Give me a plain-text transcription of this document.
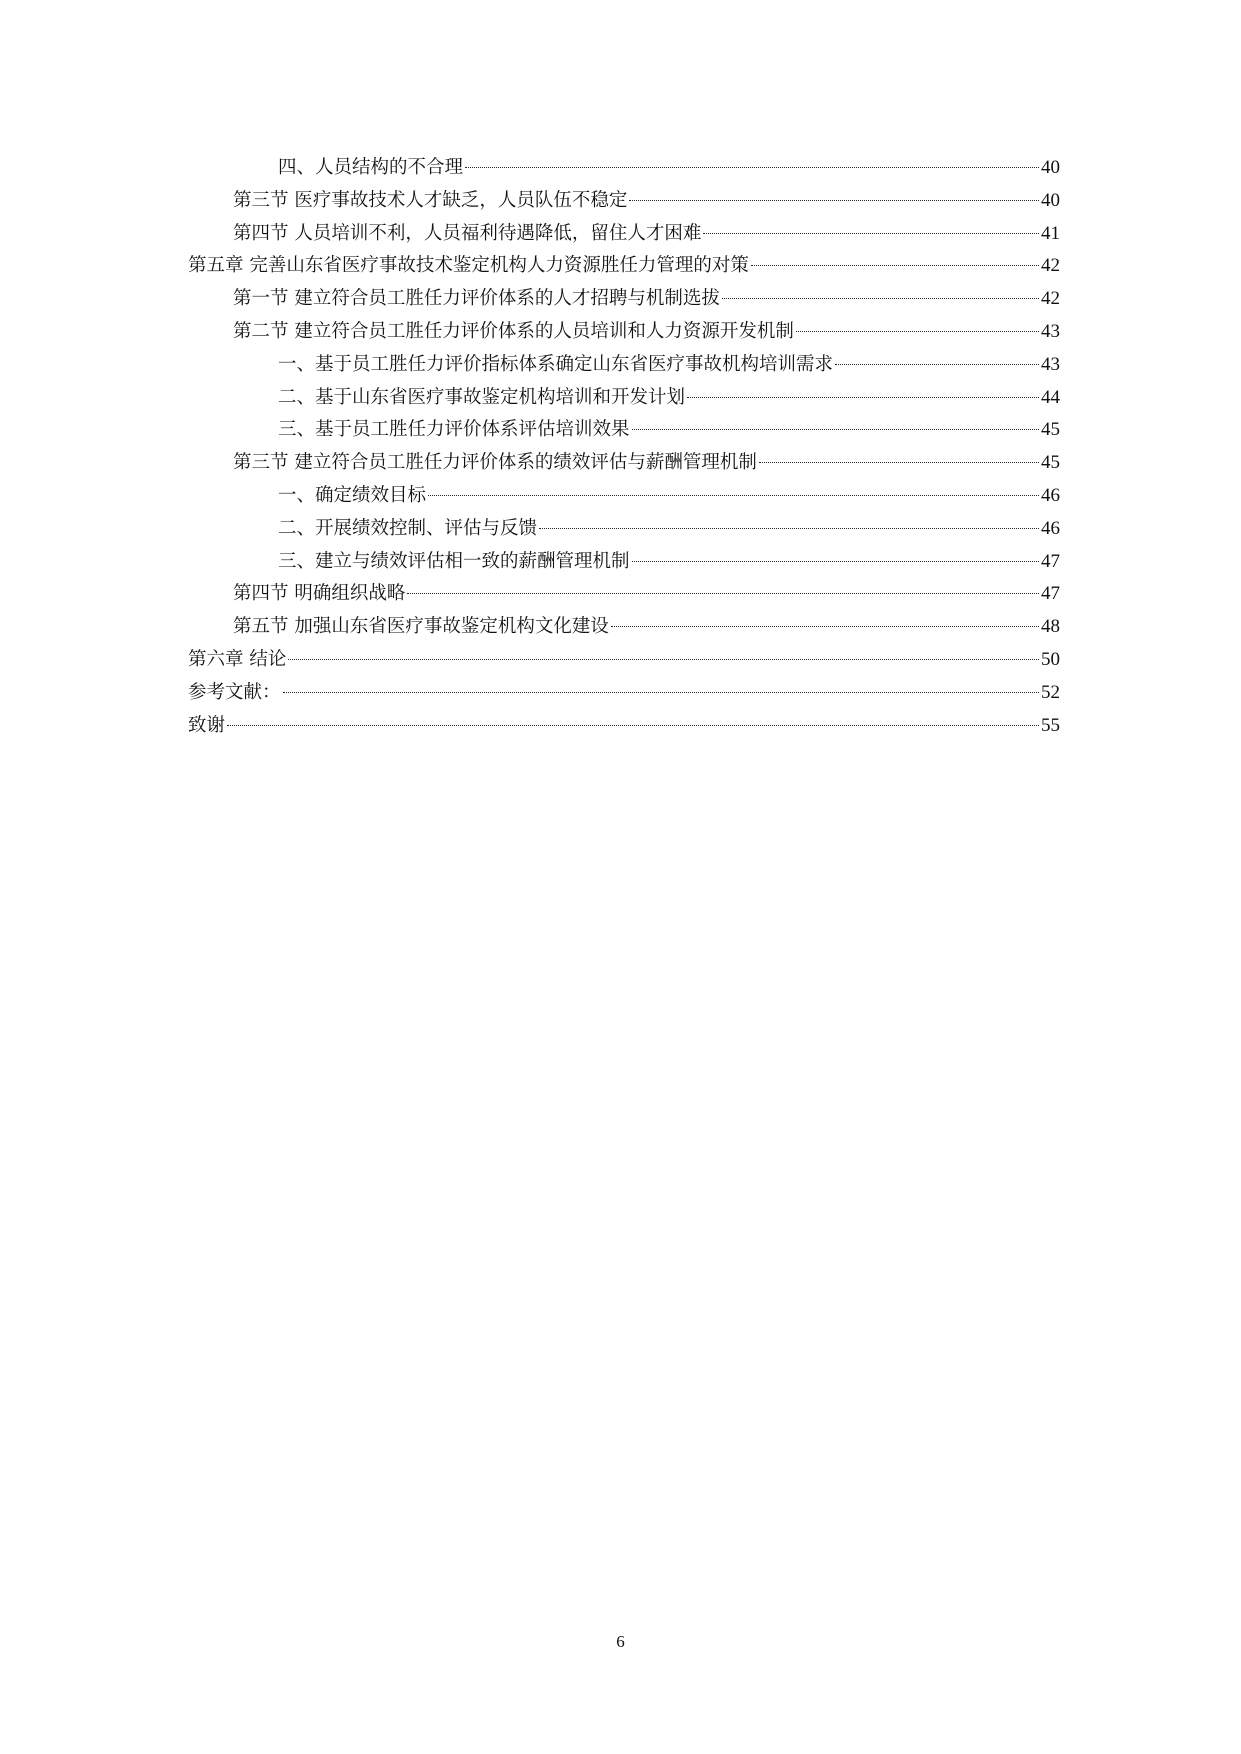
四、人员结构的不合理	40
第三节 医疗事故技术人才缺乏，人员队伍不稳定	40
第四节 人员培训不利，人员福利待遇降低，留住人才困难	41
第五章 完善山东省医疗事故技术鉴定机构人力资源胜任力管理的对策	42
第一节 建立符合员工胜任力评价体系的人才招聘与机制选拔	42
第二节 建立符合员工胜任力评价体系的人员培训和人力资源开发机制	43
一、基于员工胜任力评价指标体系确定山东省医疗事故机构培训需求	43
二、基于山东省医疗事故鉴定机构培训和开发计划	44
三、基于员工胜任力评价体系评估培训效果	45
第三节 建立符合员工胜任力评价体系的绩效评估与薪酬管理机制	45
一、确定绩效目标	46
二、开展绩效控制、评估与反馈	46
三、建立与绩效评估相一致的薪酬管理机制	47
第四节 明确组织战略	47
第五节 加强山东省医疗事故鉴定机构文化建设	48
第六章 结论	50
参考文献：	52
致谢	55
6
